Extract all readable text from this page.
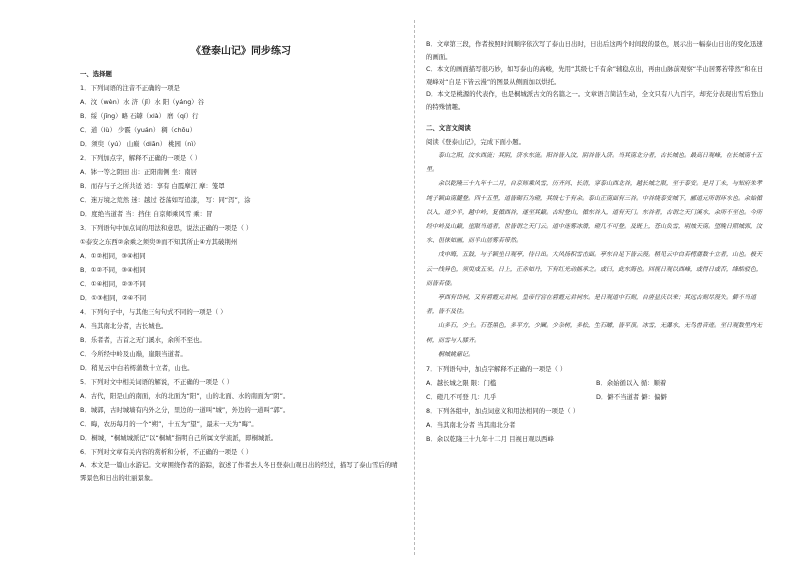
《登泰山记》同步练习
一、选择题
1．下列词语的注音不正确的一项是
A．汶（wèn）水 济（jǐ）水 阳（yáng）谷
B．绥（jīng）略 石罅（xià） 磨（qí）行
C．道（lù） 少霰（yuán） 稠（chōu）
D．须臾（yú） 山巅（diān） 桃园（nì）
2．下列加点字，解释不正确的一项是（ ）
A．钵一等之阴田 出：正阳南侧 坐：南居
B．而存与子之所共适 适：享有 白霞摩江 摩：笼罩
C．迷万境之荒然 迷：越过 苍荡如写追漆， 写：同“泻”，涂
D．度绝当道者 当：挡住 自京师乘风雪 乘：冒
3．下列语句中加点词的用法和意思，说法正确的一项是（ ）
①泰安之东西②余乘之须臾③而不知其所止④方其破荆州
A．①②相同，③④相同
B．①②不同，③④相同
C．①④相同，②③不同
D．①③相同，②④不同
4．下列句子中，与其他三句句式不同的一项是（ ）
A．当其南北分者，古长城也。
B．乐者者，吉首之无门溪水，余所不至也。
C．今所经中岭及山巅，崖限当道者。
D．稍见云中白若樗蒲数十立者，山也。
5．下列对文中相关词语的解说，不正确的一项是（ ）
A．古代，阳是山的南面，水的北面为“阳”，山的北面、水的南面为“阴”。
B．城郭，古时城墙有内外之分，里边的一道叫“城”，外边的一道叫“郭”。
C．晦，农历每月的一个“朔”，十五为“望”，最末一天为“晦”。
D．桐城，“桐城城派记”以“桐城”指明自己所属文学流派，即桐城派。
6．下列对文章有关内容的赏析和分析，不正确的一项是（ ）
A．本文是一篇山水游记。文章围绕作者的游踪，叙述了作者去人冬日登泰山观日出的经过，描写了泰山雪后的晴霁景色和日出的壮丽景象。
B．文章第三段，作者按照时间顺序依次写了泰山日出时，日出后这两个时间段的景色，展示出一幅泰山日出的变化迅速的画面。
C．本文的画面描写很巧妙，如写泰山的高峻，先用“其级七千有余”辅稳点出，再由山脉前观察“半山居雾若带然”和在日观峰对“自足下皆云漫”的图景从侧面加以烘托。
D．本文是桃源的代表作，也是桐城派古文的名篇之一。文章语言简洁生动，全文只有八九百字，却充分表现出雪后登山的特殊情趣。
二、文言文阅读
阅读《登泰山记》，完成下面小题。

泰山之阳，汶水西流；其阴，济水东流。阳谷皆入汶，阴谷皆入济。当其南北分者，古长城也。最高日观峰，在长城南十五里。

余以乾隆三十九年十二月，自京师乘风雪，历齐河、长清，穿泰山西北谷，越长城之限，至于泰安。是月丁未，与知府朱孝纯子颖由南麓登。四十五里，道皆砌石为磴，其级七千有余。泰山正南面有三谷。中谷绕泰安城下，郦道元所谓环水也。余始循以入，道少半，越中岭，复循西谷，遂至其巅。古时登山，循东谷入，道有天门。东谷者，古谓之天门溪水，余所不至也。今所经中岭及山巅，崖限当道者，世皆谓之天门云。道中迷雾冰滑，磴几不可登。及既上，苍山负雪，明烛天南。望晚日照城郭，汶水、徂徕如画，而半山居雾若带然。

戊申晦，五鼓，与子颖坐日观亭，待日出。大风扬积雪击面。亭东自足下皆云漫。稍见云中白若樗蒲数十立者，山也。极天云一线异色，须臾成五采。日上，正赤如丹，下有红光动摇承之。或曰，此东海也。回视日观以西峰，或得日或否，绛皓驳色，而皆若偻。

亭西有岱祠，又有碧霞元君祠。皇帝行宫在碧霞元君祠东。是日观道中石刻，自唐显庆以来；其远古刻尽漫失。僻不当道者，皆不及往。

山多石，少土。石苍黑色，多平方，少圜。少杂树，多松，生石罅，皆平顶。冰雪，无瀑水，无鸟兽音迹。至日观数里内无树，而雪与人膝齐。

桐城姚鼐记。

7．下列语句中，加点字解释不正确的一项是（ ）
A．越长城之限 限：门槛	B．余始循以入 循：顺着
C．磴几不可登 几：几乎	D．僻不当道者 僻：偏僻
8．下列各组中，加点词意义和用法相同的一项是（ ）
A．当其南北分者 当其南北分者
B．余以乾隆三十九年十二月 目视日观以西峰
